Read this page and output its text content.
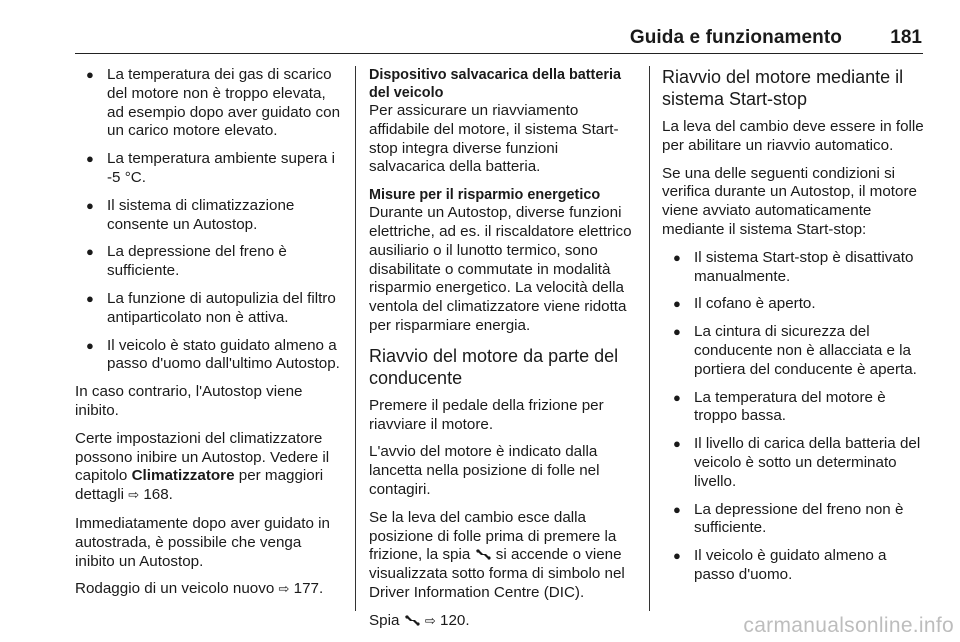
Guida e funzionamento	181
● La temperatura dei gas di scarico del motore non è troppo elevata, ad esempio dopo aver guidato con un carico motore elevato.
● La temperatura ambiente supera i -5 °C.
● Il sistema di climatizzazione consente un Autostop.
● La depressione del freno è sufficiente.
● La funzione di autopulizia del filtro antiparticolato non è attiva.
● Il veicolo è stato guidato almeno a passo d'uomo dall'ultimo Autostop.

In caso contrario, l'Autostop viene inibito.

Certe impostazioni del climatizzatore possono inibire un Autostop. Vedere il capitolo Climatizzatore per maggiori dettagli ⇨ 168.

Immediatamente dopo aver guidato in autostrada, è possibile che venga inibito un Autostop.

Rodaggio di un veicolo nuovo ⇨ 177.

Dispositivo salvacarica della batteria del veicolo

Per assicurare un riavviamento affidabile del motore, il sistema Start-stop integra diverse funzioni salvacarica della batteria.

Misure per il risparmio energetico

Durante un Autostop, diverse funzioni elettriche, ad es. il riscaldatore elettrico ausiliario o il lunotto termico, sono disabilitate o commutate in modalità risparmio energetico. La velocità della ventola del climatizzatore viene ridotta per risparmiare energia.

Riavvio del motore da parte del conducente

Premere il pedale della frizione per riavviare il motore.

L'avvio del motore è indicato dalla lancetta nella posizione di folle nel contagiri.

Se la leva del cambio esce dalla posizione di folle prima di premere la frizione, la spia  si accende o viene visualizzata sotto forma di simbolo nel Driver Information Centre (DIC).

Spia  ⇨ 120.

Riavvio del motore mediante il sistema Start-stop

La leva del cambio deve essere in folle per abilitare un riavvio automatico.

Se una delle seguenti condizioni si verifica durante un Autostop, il motore viene avviato automaticamente mediante il sistema Start-stop:

● Il sistema Start-stop è disattivato manualmente.
● Il cofano è aperto.
● La cintura di sicurezza del conducente non è allacciata e la portiera del conducente è aperta.
● La temperatura del motore è troppo bassa.
● Il livello di carica della batteria del veicolo è sotto un determinato livello.
● La depressione del freno non è sufficiente.
● Il veicolo è guidato almeno a passo d'uomo.
carmanualsonline.info
